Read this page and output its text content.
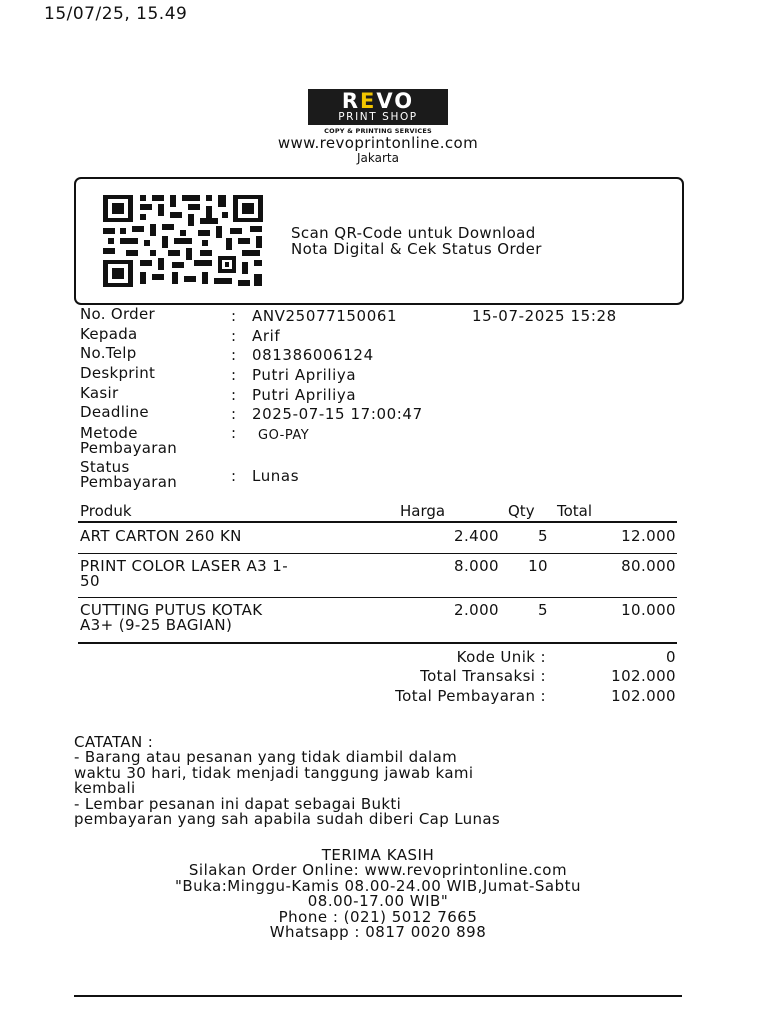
15/07/25, 15.49
REVO
PRINT SHOP
COPY & PRINTING SERVICES
www.revoprintonline.com
Jakarta
Scan QR-Code untuk Download
Nota Digital & Cek Status Order
No. Order	: ANV25077150061	15-07-2025 15:28
Kepada	: Arif
No.Telp	: 081386006124
Deskprint	: Putri Apriliya
Kasir	: Putri Apriliya
Deadline	: 2025-07-15 17:00:47
Metode
Pembayaran
: GO-PAY
Status
Pembayaran	: Lunas
Produk	Harga	Qty Total
ART CARTON 260 KN	2.400	5	12.000
PRINT COLOR LASER A3 1-
50
8.000	10	80.000
CUTTING PUTUS KOTAK
A3+ (9-25 BAGIAN)
2.000	5	10.000
Kode Unik :	0
Total Transaksi :	102.000
Total Pembayaran :	102.000
CATATAN :
- Barang atau pesanan yang tidak diambil dalam
waktu 30 hari, tidak menjadi tanggung jawab kami
kembali
- Lembar pesanan ini dapat sebagai Bukti
pembayaran yang sah apabila sudah diberi Cap Lunas
TERIMA KASIH
Silakan Order Online: www.revoprintonline.com
"Buka:Minggu-Kamis 08.00-24.00 WIB,Jumat-Sabtu
08.00-17.00 WIB"
Phone : (021) 5012 7665
Whatsapp : 0817 0020 898
